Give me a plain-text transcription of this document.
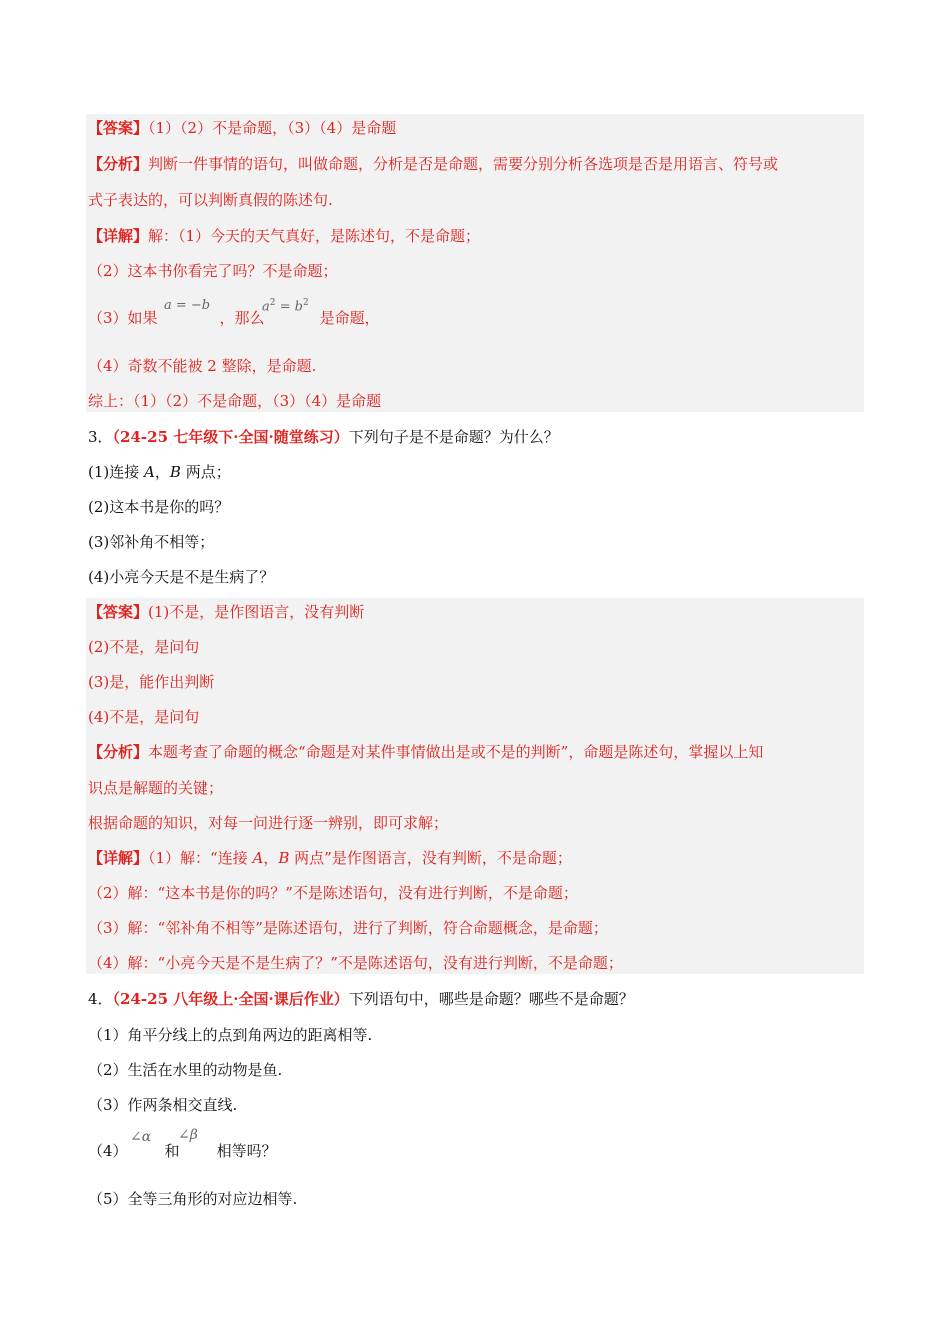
【答案】（1）（2）不是命题，（3）（4）是命题
【分析】判断一件事情的语句，叫做命题，分析是否是命题，需要分别分析各选项是否是用语言、符号或
式子表达的，可以判断真假的陈述句.
【详解】解：（1）今天的天气真好，是陈述句，不是命题；
（2）这本书你看完了吗？不是命题；
（3）如果	，那么	是命题，
a = −b	$a^2 = b^2$
（4）奇数不能被 2 整除，是命题.
综上：（1）（2）不是命题，（3）（4）是命题
3．（24-25 七年级下·全国·随堂练习）下列句子是不是命题？为什么？
(1)连接 A，B 两点；
(2)这本书是你的吗？
(3)邻补角不相等；
(4)小亮今天是不是生病了？
【答案】(1)不是，是作图语言，没有判断
(2)不是，是问句
(3)是，能作出判断
(4)不是，是问句
【分析】本题考查了命题的概念“命题是对某件事情做出是或不是的判断”，命题是陈述句，掌握以上知
识点是解题的关键；
根据命题的知识，对每一问进行逐一辨别，即可求解；
【详解】（1）解：“连接 A，B 两点”是作图语言，没有判断，不是命题；
（2）解：“这本书是你的吗？”不是陈述语句，没有进行判断，不是命题；
（3）解：“邻补角不相等”是陈述语句，进行了判断，符合命题概念，是命题；
（4）解：“小亮今天是不是生病了？”不是陈述语句，没有进行判断，不是命题；
4．（24-25 八年级上·全国·课后作业）下列语句中，哪些是命题？哪些不是命题？
（1）角平分线上的点到角两边的距离相等.
（2）生活在水里的动物是鱼.
（3）作两条相交直线.
（4） 和 相等吗？
∠α ∠β
（5）全等三角形的对应边相等.
